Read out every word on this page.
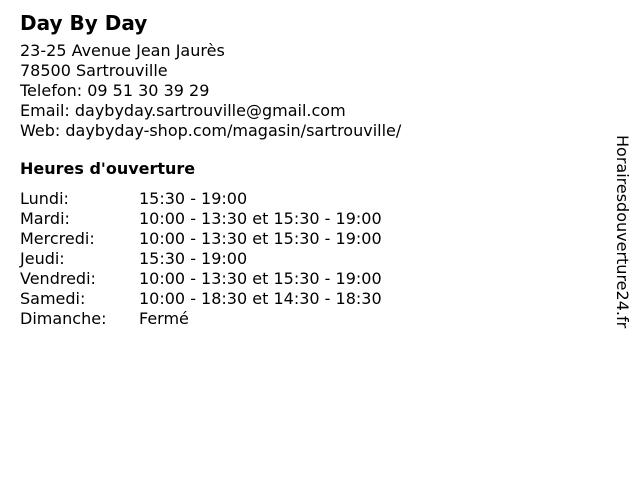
Day By Day
23-25 Avenue Jean Jaurès
78500 Sartrouville
Telefon: 09 51 30 39 29
Email: daybyday.sartrouville@gmail.com
Web: daybyday-shop.com/magasin/sartrouville/
Heures d'ouverture
Lundi:	15:30 - 19:00
Mardi:	10:00 - 13:30 et 15:30 - 19:00
Mercredi:	10:00 - 13:30 et 15:30 - 19:00
Jeudi:	15:30 - 19:00
Vendredi:	10:00 - 13:30 et 15:30 - 19:00
Samedi:	10:00 - 18:30 et 14:30 - 18:30
Dimanche:	Fermé	Horairesdouverture24.fr
